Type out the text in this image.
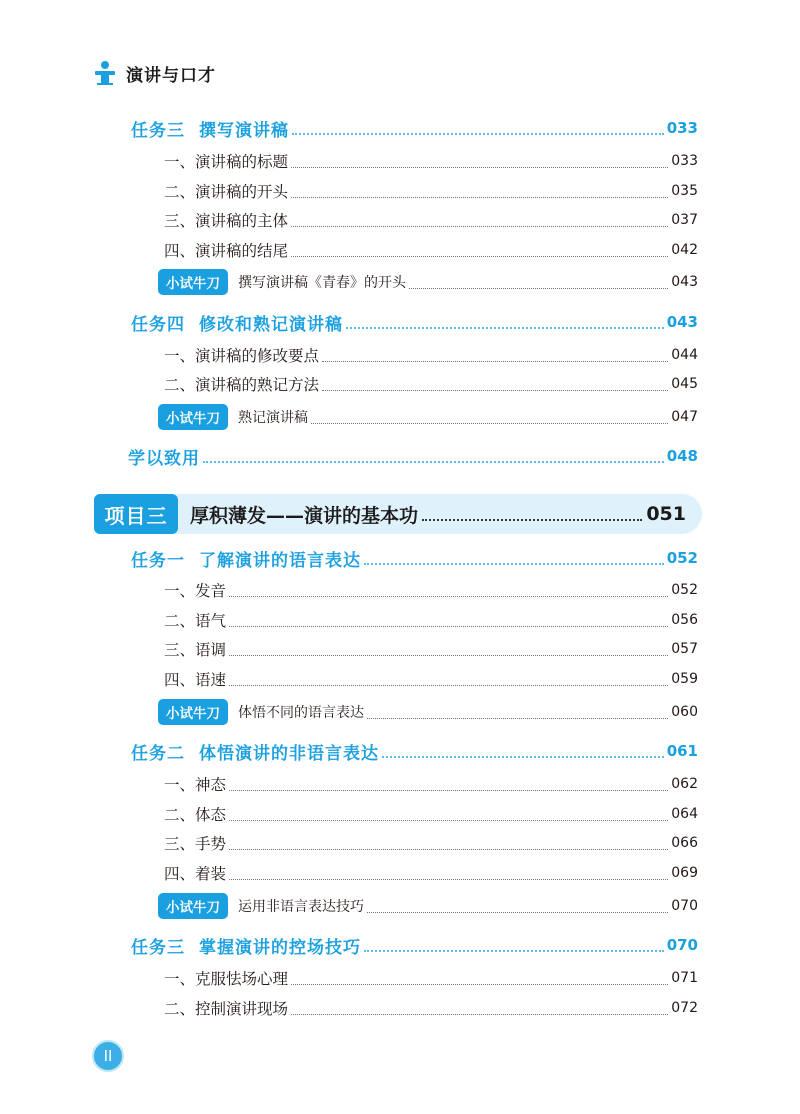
演讲与口才
任务三 撰写演讲稿	033
一、演讲稿的标题	033
二、演讲稿的开头	035
三、演讲稿的主体	037
四、演讲稿的结尾	042
小试牛刀	撰写演讲稿《青春》的开头	043
任务四 修改和熟记演讲稿	043
一、演讲稿的修改要点	044
二、演讲稿的熟记方法	045
小试牛刀	熟记演讲稿	047
学以致用	048
项目三	厚积薄发——演讲的基本功	051
任务一 了解演讲的语言表达	052
一、发音	052
二、语气	056
三、语调	057
四、语速	059
小试牛刀	体悟不同的语言表达	060
任务二 体悟演讲的非语言表达	061
一、神态	062
二、体态	064
三、手势	066
四、着装	069
小试牛刀	运用非语言表达技巧	070
任务三 掌握演讲的控场技巧	070
一、克服怯场心理	071
二、控制演讲现场	072
II
